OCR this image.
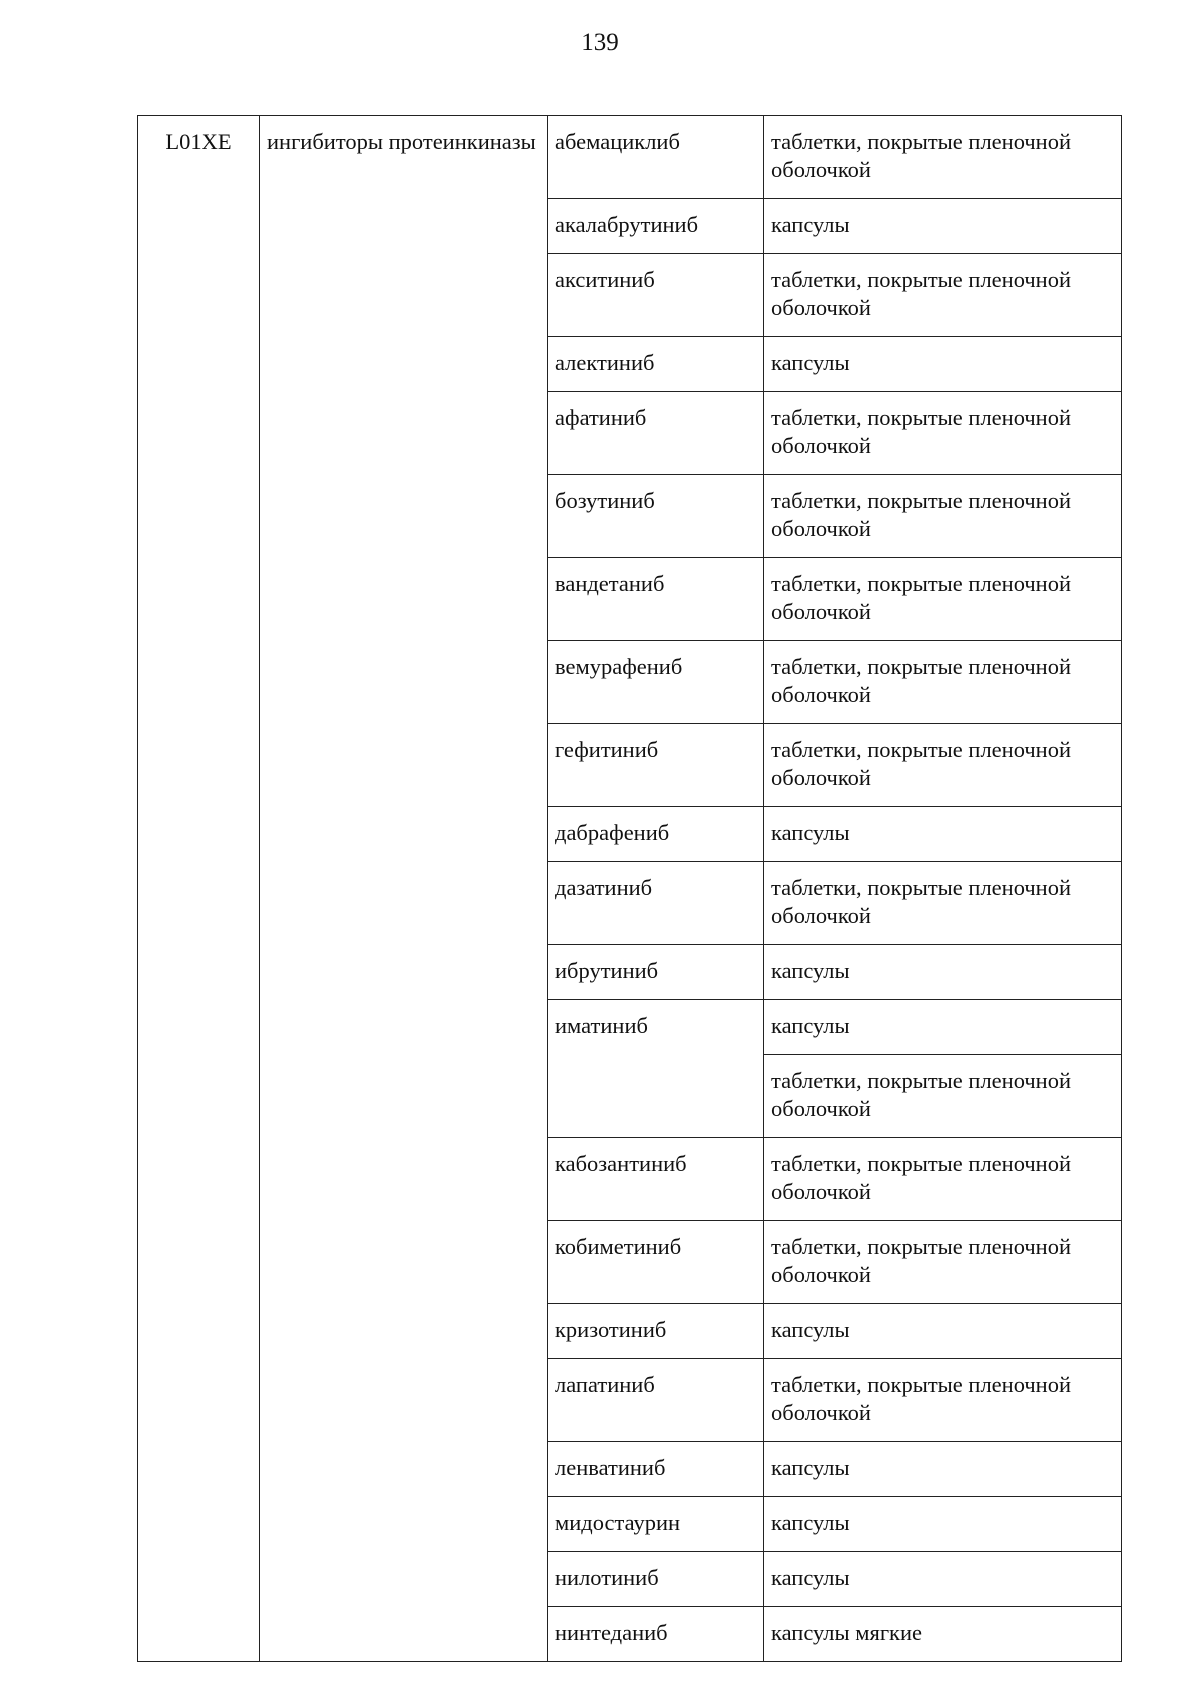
139
L01XE	ингибиторы протеинкиназы	абемациклиб	таблетки, покрытые пленочной оболочкой
		акалабрутиниб	капсулы
		акситиниб	таблетки, покрытые пленочной оболочкой
		алектиниб	капсулы
		афатиниб	таблетки, покрытые пленочной оболочкой
		бозутиниб	таблетки, покрытые пленочной оболочкой
		вандетаниб	таблетки, покрытые пленочной оболочкой
		вемурафениб	таблетки, покрытые пленочной оболочкой
		гефитиниб	таблетки, покрытые пленочной оболочкой
		дабрафениб	капсулы
		дазатиниб	таблетки, покрытые пленочной оболочкой
		ибрутиниб	капсулы
		иматиниб	капсулы
			таблетки, покрытые пленочной оболочкой
		кабозантиниб	таблетки, покрытые пленочной оболочкой
		кобиметиниб	таблетки, покрытые пленочной оболочкой
		кризотиниб	капсулы
		лапатиниб	таблетки, покрытые пленочной оболочкой
		ленватиниб	капсулы
		мидостаурин	капсулы
		нилотиниб	капсулы
		нинтеданиб	капсулы мягкие
